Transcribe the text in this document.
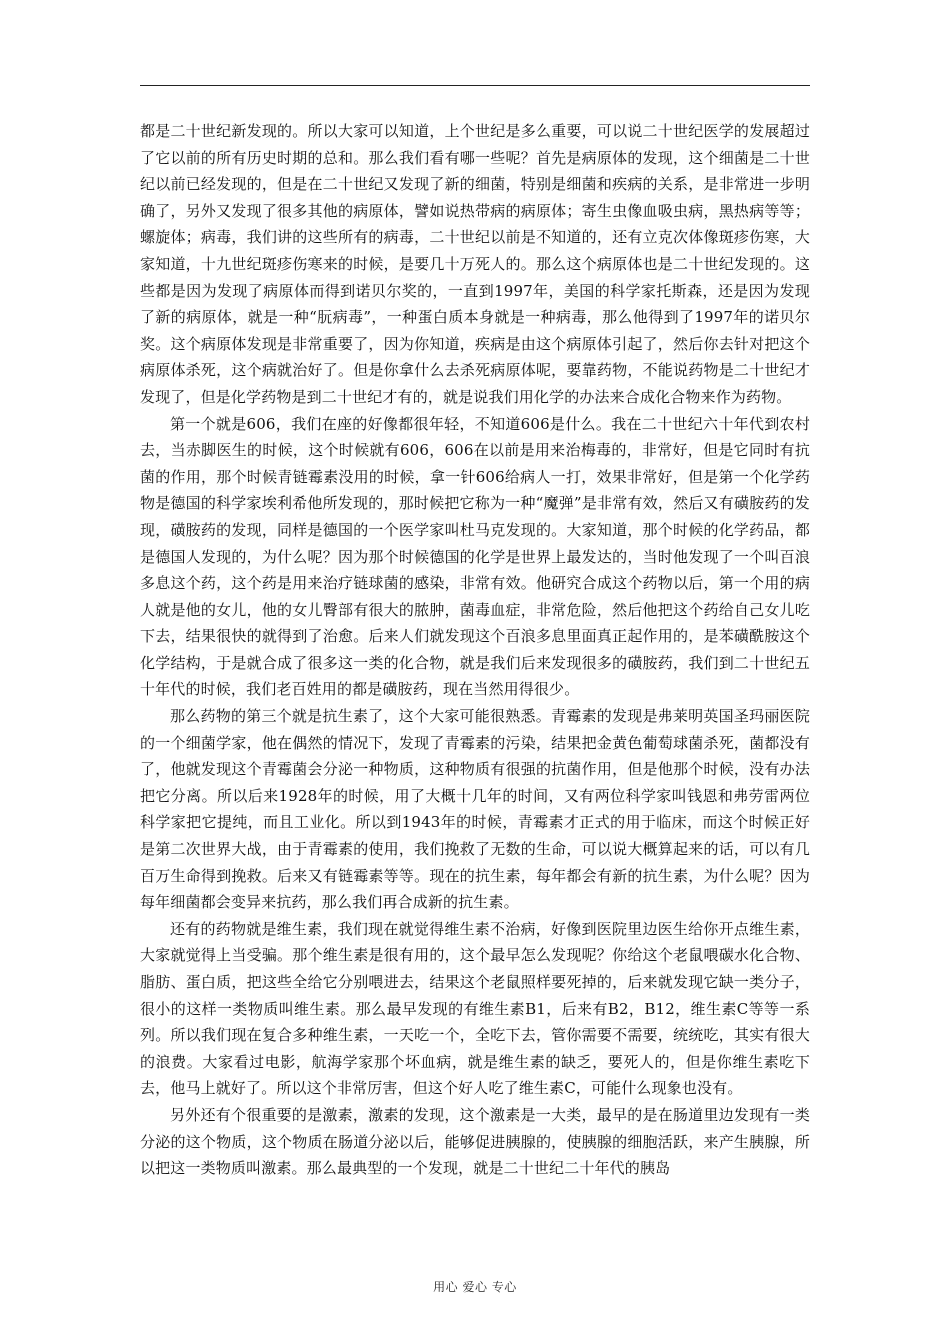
都是二十世纪新发现的。所以大家可以知道，上个世纪是多么重要，可以说二十世纪医学的发展超过了它以前的所有历史时期的总和。那么我们看有哪一些呢？首先是病原体的发现，这个细菌是二十世纪以前已经发现的，但是在二十世纪又发现了新的细菌，特别是细菌和疾病的关系，是非常进一步明确了，另外又发现了很多其他的病原体，譬如说热带病的病原体；寄生虫像血吸虫病，黑热病等等；螺旋体；病毒，我们讲的这些所有的病毒，二十世纪以前是不知道的，还有立克次体像斑疹伤寒，大家知道，十九世纪斑疹伤寒来的时候，是要几十万死人的。那么这个病原体也是二十世纪发现的。这些都是因为发现了病原体而得到诺贝尔奖的，一直到1997年，美国的科学家托斯森，还是因为发现了新的病原体，就是一种“朊病毒”，一种蛋白质本身就是一种病毒，那么他得到了1997年的诺贝尔奖。这个病原体发现是非常重要了，因为你知道，疾病是由这个病原体引起了，然后你去针对把这个病原体杀死，这个病就治好了。但是你拿什么去杀死病原体呢，要靠药物，不能说药物是二十世纪才发现了，但是化学药物是到二十世纪才有的，就是说我们用化学的办法来合成化合物来作为药物。

第一个就是606，我们在座的好像都很年轻，不知道606是什么。我在二十世纪六十年代到农村去，当赤脚医生的时候，这个时候就有606，606在以前是用来治梅毒的，非常好，但是它同时有抗菌的作用，那个时候青链霉素没用的时候，拿一针606给病人一打，效果非常好，但是第一个化学药物是德国的科学家埃利希他所发现的，那时候把它称为一种“魔弹”是非常有效，然后又有磺胺药的发现，磺胺药的发现，同样是德国的一个医学家叫杜马克发现的。大家知道，那个时候的化学药品，都是德国人发现的，为什么呢？因为那个时候德国的化学是世界上最发达的，当时他发现了一个叫百浪多息这个药，这个药是用来治疗链球菌的感染，非常有效。他研究合成这个药物以后，第一个用的病人就是他的女儿，他的女儿臀部有很大的脓肿，菌毒血症，非常危险，然后他把这个药给自己女儿吃下去，结果很快的就得到了治愈。后来人们就发现这个百浪多息里面真正起作用的，是苯磺酰胺这个化学结构，于是就合成了很多这一类的化合物，就是我们后来发现很多的磺胺药，我们到二十世纪五十年代的时候，我们老百姓用的都是磺胺药，现在当然用得很少。

那么药物的第三个就是抗生素了，这个大家可能很熟悉。青霉素的发现是弗莱明英国圣玛丽医院的一个细菌学家，他在偶然的情况下，发现了青霉素的污染，结果把金黄色葡萄球菌杀死，菌都没有了，他就发现这个青霉菌会分泌一种物质，这种物质有很强的抗菌作用，但是他那个时候，没有办法把它分离。所以后来1928年的时候，用了大概十几年的时间，又有两位科学家叫钱恩和弗劳雷两位科学家把它提纯，而且工业化。所以到1943年的时候，青霉素才正式的用于临床，而这个时候正好是第二次世界大战，由于青霉素的使用，我们挽救了无数的生命，可以说大概算起来的话，可以有几百万生命得到挽救。后来又有链霉素等等。现在的抗生素，每年都会有新的抗生素，为什么呢？因为每年细菌都会变异来抗药，那么我们再合成新的抗生素。

还有的药物就是维生素，我们现在就觉得维生素不治病，好像到医院里边医生给你开点维生素，大家就觉得上当受骗。那个维生素是很有用的，这个最早怎么发现呢？你给这个老鼠喂碳水化合物、脂肪、蛋白质，把这些全给它分别喂进去，结果这个老鼠照样要死掉的，后来就发现它缺一类分子，很小的这样一类物质叫维生素。那么最早发现的有维生素B1，后来有B2，B12，维生素C等等一系列。所以我们现在复合多种维生素，一天吃一个，全吃下去，管你需要不需要，统统吃，其实有很大的浪费。大家看过电影，航海学家那个坏血病，就是维生素的缺乏，要死人的，但是你维生素吃下去，他马上就好了。所以这个非常厉害，但这个好人吃了维生素C，可能什么现象也没有。

另外还有个很重要的是激素，激素的发现，这个激素是一大类，最早的是在肠道里边发现有一类分泌的这个物质，这个物质在肠道分泌以后，能够促进胰腺的，使胰腺的细胞活跃，来产生胰腺，所以把这一类物质叫激素。那么最典型的一个发现，就是二十世纪二十年代的胰岛

用心 爱心 专心
